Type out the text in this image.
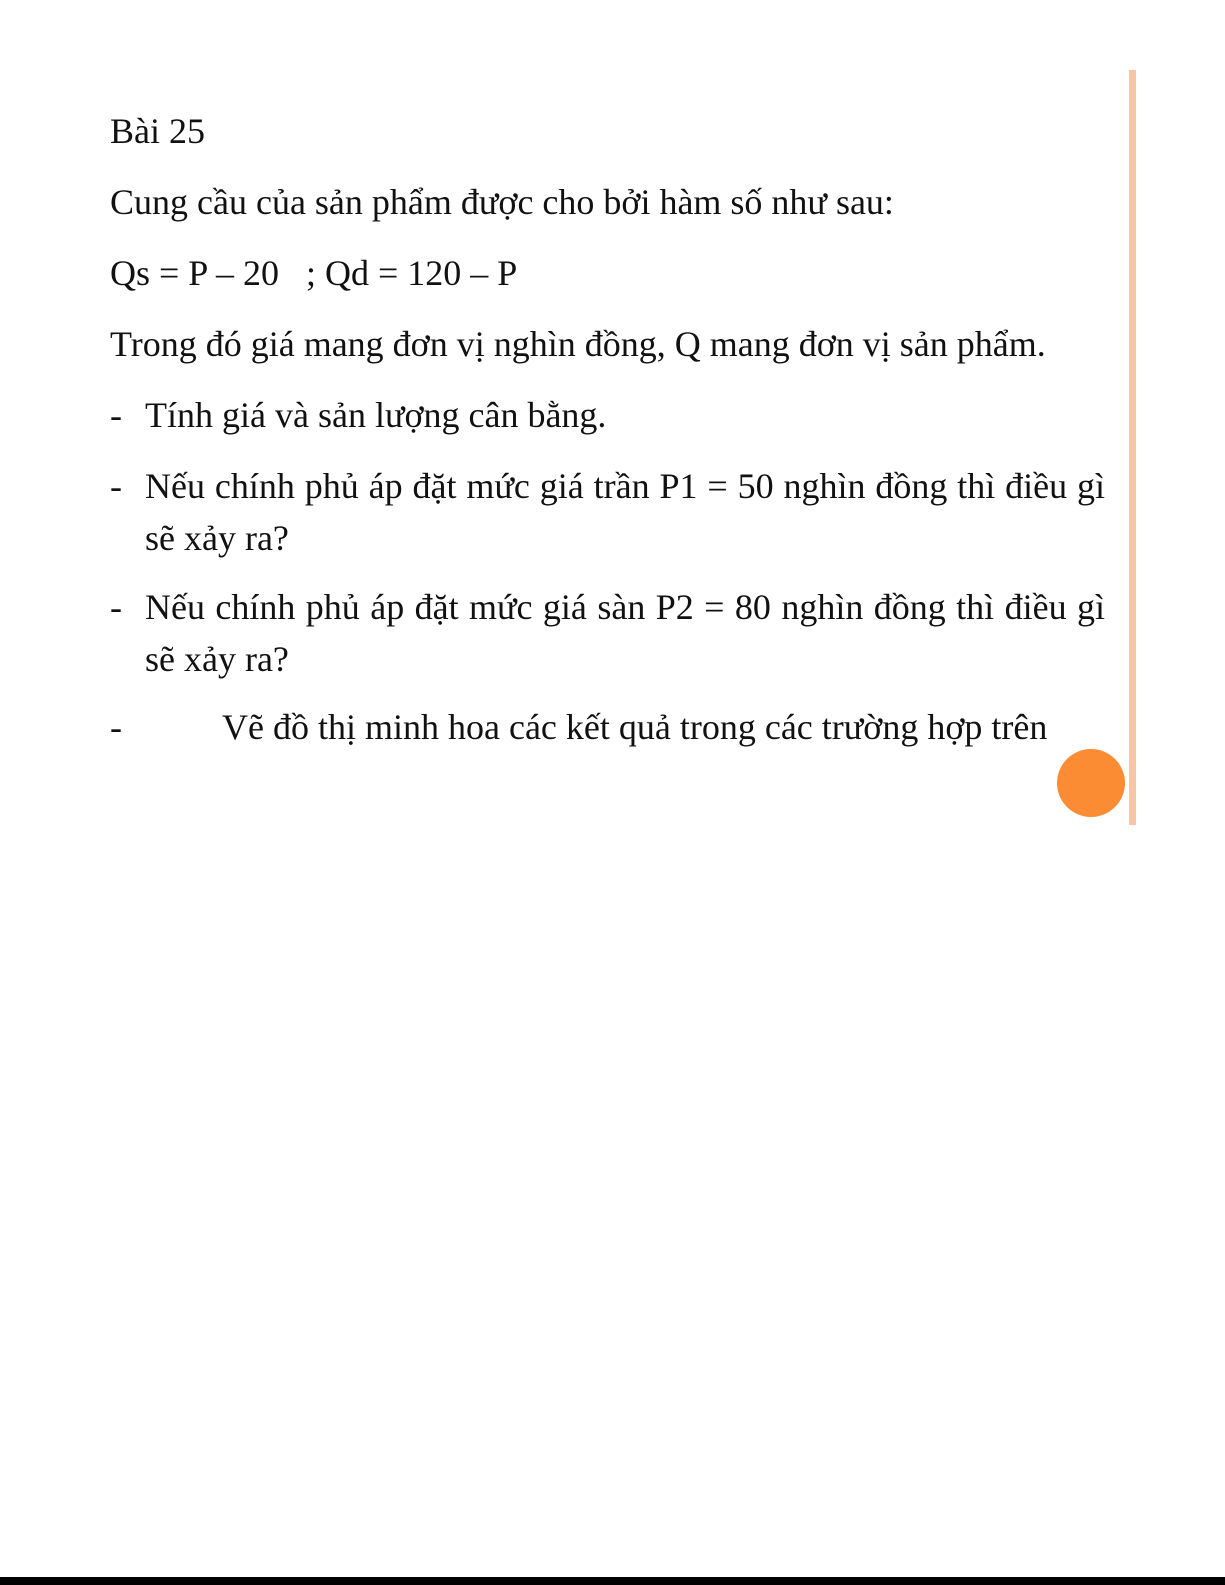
Bài 25
Cung cầu của sản phẩm được cho bởi hàm số như sau:
Qs = P – 20   ; Qd = 120 – P
Trong đó giá mang đơn vị nghìn đồng, Q mang đơn vị sản phẩm.
- Tính giá và sản lượng cân bằng.
- Nếu chính phủ áp đặt mức giá trần P1 = 50 nghìn đồng thì điều gì sẽ xảy ra?
- Nếu chính phủ áp đặt mức giá sàn P2 = 80 nghìn đồng thì điều gì sẽ xảy ra?
-	Vẽ đồ thị minh hoa các kết quả trong các trường hợp trên
